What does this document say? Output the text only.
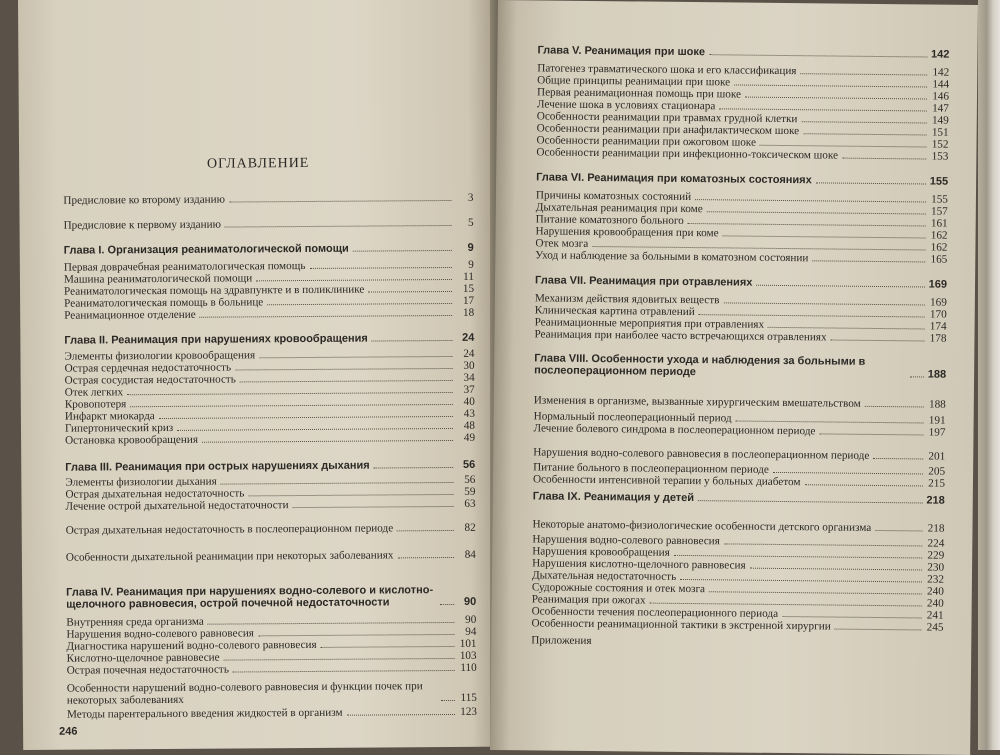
ОГЛАВЛЕНИЕ
Предисловие ко второму изданию	3
Предисловие к первому изданию	5
Глава I. Организация реаниматологической помощи	9
Первая доврачебная реаниматологическая помощь	9
Машина реаниматологической помощи	11
Реаниматологическая помощь на здравпункте и в поликлинике	15
Реаниматологическая помощь в больнице	17
Реанимационное отделение	18
Глава II. Реанимация при нарушениях кровообращения	24
Элементы физиологии кровообращения	24
Острая сердечная недостаточность	30
Острая сосудистая недостаточность	34
Отек легких	37
Кровопотеря	40
Инфаркт миокарда	43
Гипертонический криз	48
Остановка кровообращения	49
Глава III. Реанимация при острых нарушениях дыхания	56
Элементы физиологии дыхания	56
Острая дыхательная недостаточность	59
Лечение острой дыхательной недостаточности	63
Острая дыхательная недостаточность в послеоперационном периоде	82
Особенности дыхательной реанимации при некоторых заболеваниях	84
Глава IV. Реанимация при нарушениях водно-солевого и кислотно-щелочного равновесия, острой почечной недостаточности	90
Внутренняя среда организма	90
Нарушения водно-солевого равновесия	94
Диагностика нарушений водно-солевого равновесия	101
Кислотно-щелочное равновесие	103
Острая почечная недостаточность	110
Особенности нарушений водно-солевого равновесия и функции почек при некоторых заболеваниях	115
Методы парентерального введения жидкостей в организм	123
246
Глава V. Реанимация при шоке	142
Патогенез травматического шока и его классификация	142
Общие принципы реанимации при шоке	144
Первая реанимационная помощь при шоке	146
Лечение шока в условиях стационара	147
Особенности реанимации при травмах грудной клетки	149
Особенности реанимации при анафилактическом шоке	151
Особенности реанимации при ожоговом шоке	152
Особенности реанимации при инфекционно-токсическом шоке	153
Глава VI. Реанимация при коматозных состояниях	155
Причины коматозных состояний	155
Дыхательная реанимация при коме	157
Питание коматозного больного	161
Нарушения кровообращения при коме	162
Отек мозга	162
Уход и наблюдение за больными в коматозном состоянии	165
Глава VII. Реанимация при отравлениях	169
Механизм действия ядовитых веществ	169
Клиническая картина отравлений	170
Реанимационные мероприятия при отравлениях	174
Реанимация при наиболее часто встречающихся отравлениях	178
Глава VIII. Особенности ухода и наблюдения за больными в послеоперационном периоде	188
Изменения в организме, вызванные хирургическим вмешательством	188
Нормальный послеоперационный период	191
Лечение болевого синдрома в послеоперационном периоде	197
Нарушения водно-солевого равновесия в послеоперационном периоде	201
Питание больного в послеоперационном периоде	205
Особенности интенсивной терапии у больных диабетом	215
Глава IX. Реанимация у детей	218
Некоторые анатомо-физиологические особенности детского организма	218
Нарушения водно-солевого равновесия	224
Нарушения кровообращения	229
Нарушения кислотно-щелочного равновесия	230
Дыхательная недостаточность	232
Судорожные состояния и отек мозга	240
Реанимация при ожогах	240
Особенности течения послеоперационного периода	241
Особенности реанимационной тактики в экстренной хирургии	245
Приложения
